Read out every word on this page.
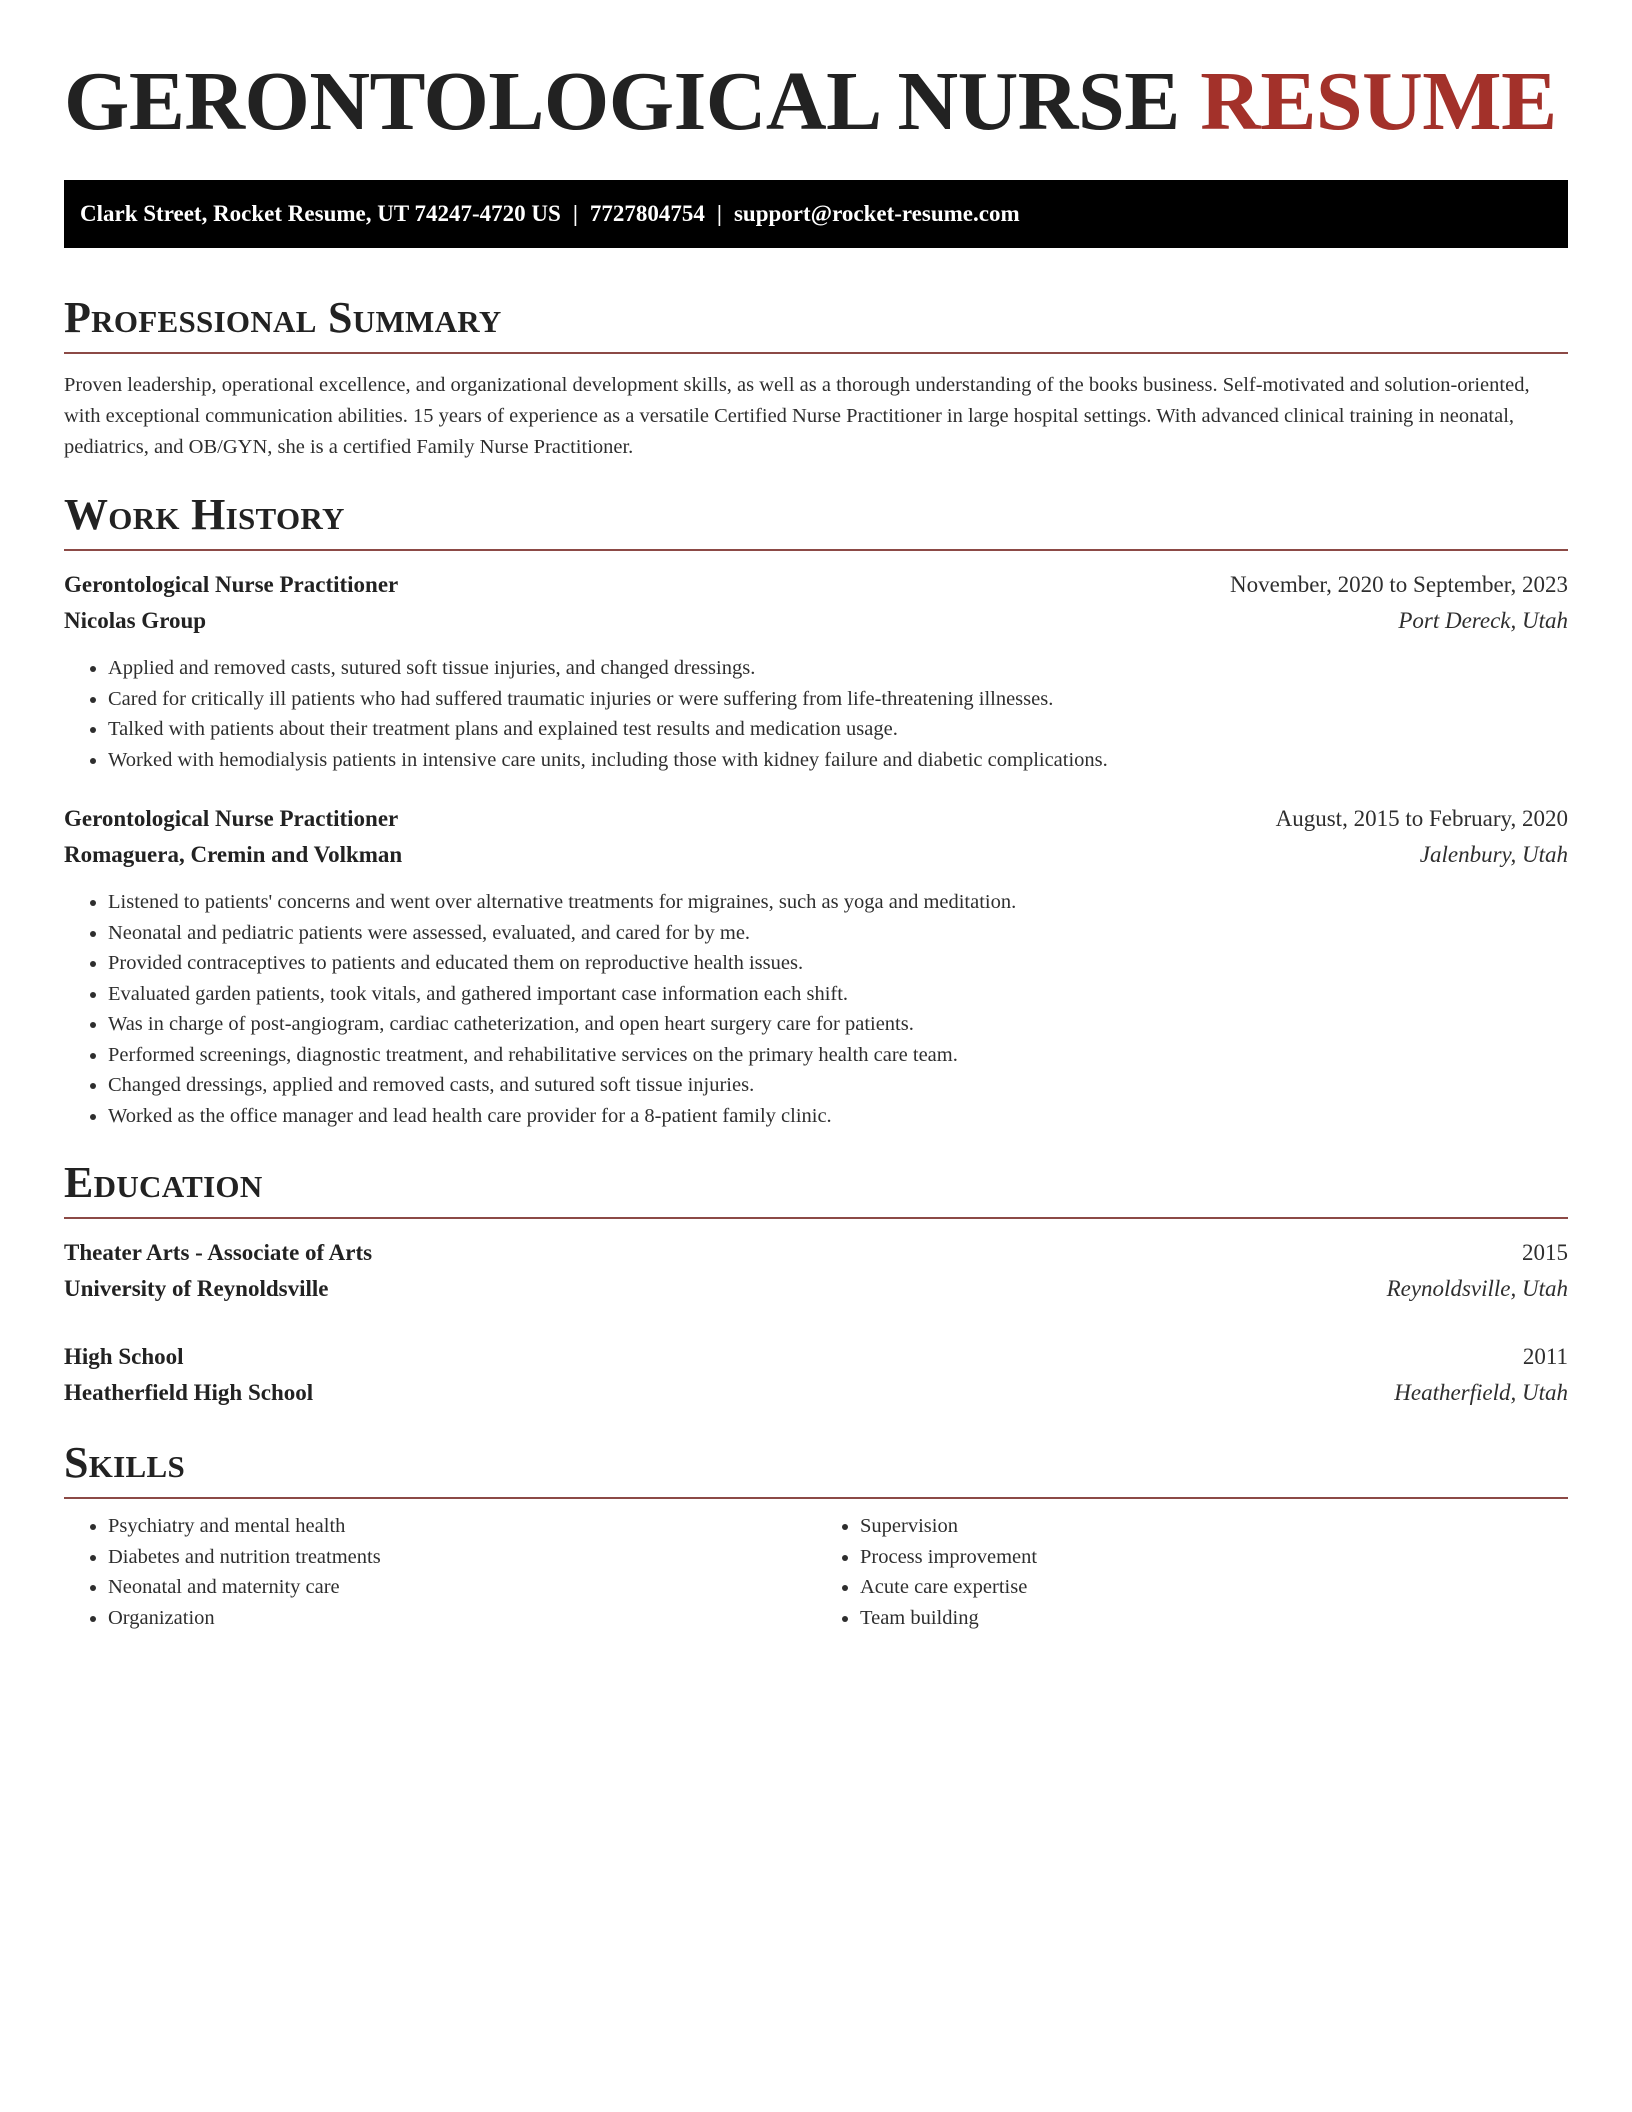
GERONTOLOGICAL NURSE RESUME
Clark Street, Rocket Resume, UT 74247-4720 US | 7727804754 | support@rocket-resume.com
Professional Summary

Proven leadership, operational excellence, and organizational development skills, as well as a thorough understanding of the books business. Self-motivated and solution-oriented, with exceptional communication abilities. 15 years of experience as a versatile Certified Nurse Practitioner in large hospital settings. With advanced clinical training in neonatal, pediatrics, and OB/GYN, she is a certified Family Nurse Practitioner.

Work History
Gerontological Nurse Practitioner	November, 2020 to September, 2023
Nicolas Group	Port Dereck, Utah
• Applied and removed casts, sutured soft tissue injuries, and changed dressings.
• Cared for critically ill patients who had suffered traumatic injuries or were suffering from life-threatening illnesses.
• Talked with patients about their treatment plans and explained test results and medication usage.
• Worked with hemodialysis patients in intensive care units, including those with kidney failure and diabetic complications.
Gerontological Nurse Practitioner	August, 2015 to February, 2020
Romaguera, Cremin and Volkman	Jalenbury, Utah
• Listened to patients' concerns and went over alternative treatments for migraines, such as yoga and meditation.
• Neonatal and pediatric patients were assessed, evaluated, and cared for by me.
• Provided contraceptives to patients and educated them on reproductive health issues.
• Evaluated garden patients, took vitals, and gathered important case information each shift.
• Was in charge of post-angiogram, cardiac catheterization, and open heart surgery care for patients.
• Performed screenings, diagnostic treatment, and rehabilitative services on the primary health care team.
• Changed dressings, applied and removed casts, and sutured soft tissue injuries.
• Worked as the office manager and lead health care provider for a 8-patient family clinic.
Education
Theater Arts - Associate of Arts	2015
University of Reynoldsville	Reynoldsville, Utah
High School	2011
Heatherfield High School	Heatherfield, Utah
Skills
• Psychiatry and mental health
• Diabetes and nutrition treatments
• Neonatal and maternity care
• Organization
• Supervision
• Process improvement
• Acute care expertise
• Team building
